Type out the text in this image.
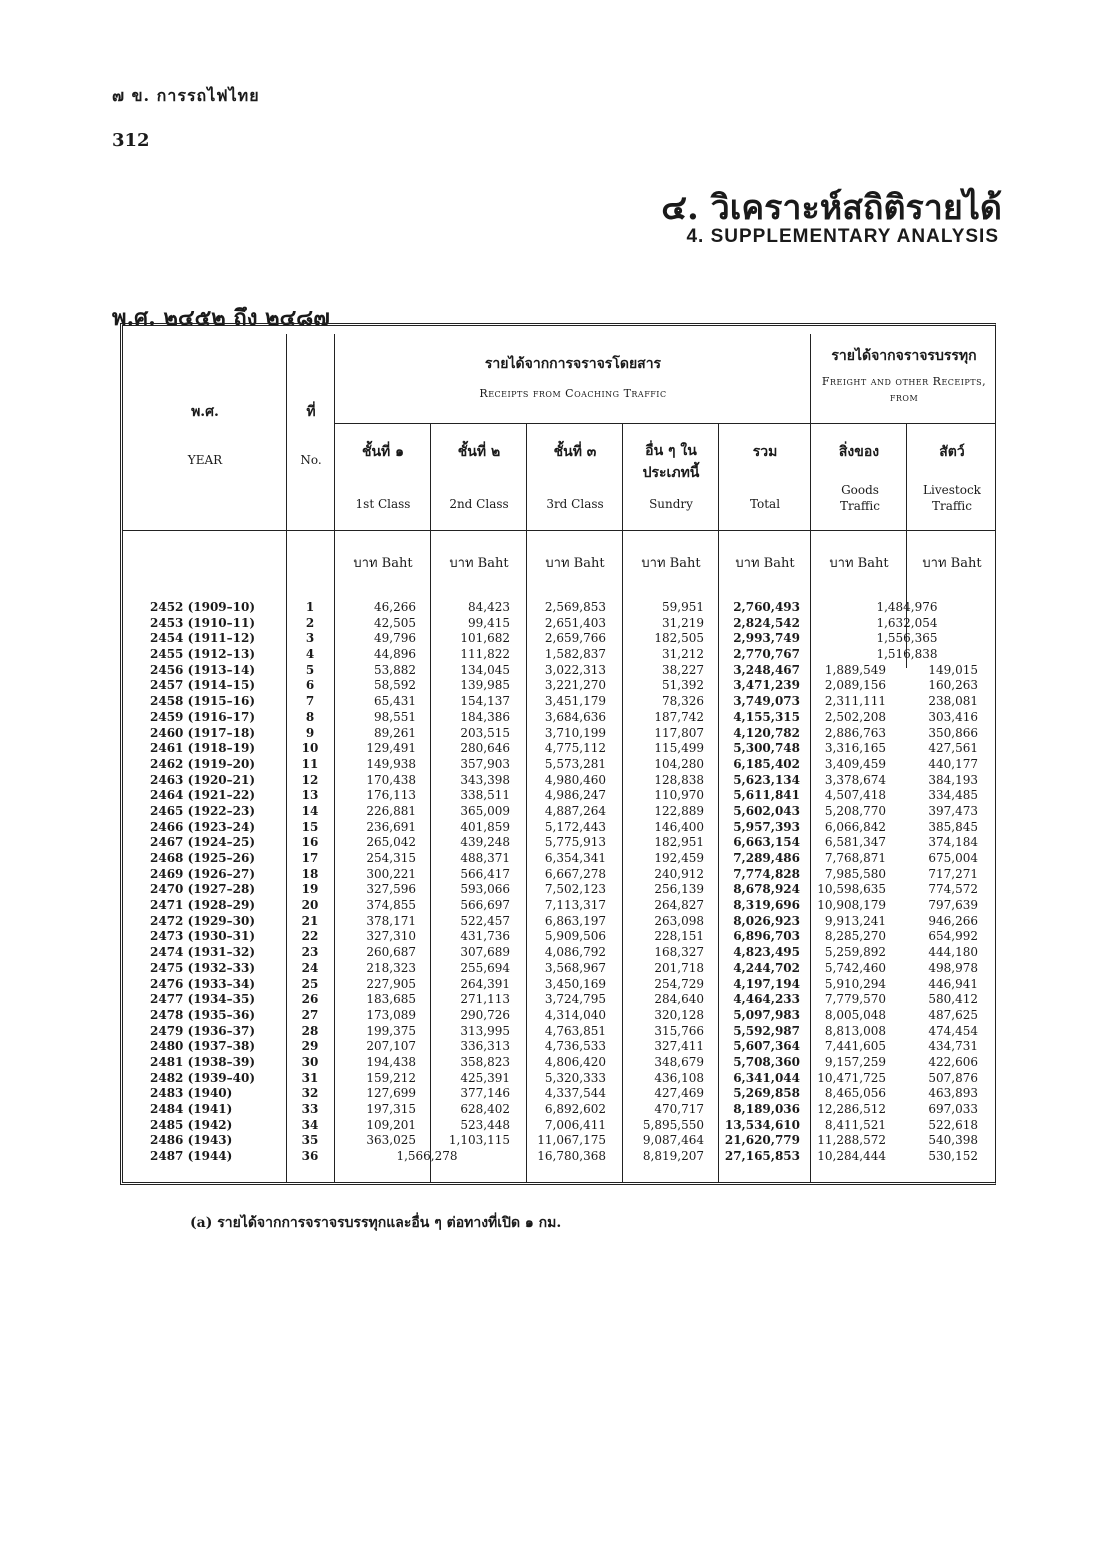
๗ ข. การรถไฟไทย
312
๔. วิเคราะห์สถิติรายได้
4. SUPPLEMENTARY ANALYSIS
พ.ศ. ๒๔๕๒ ถึง ๒๔๘๗
พ.ศ.
YEAR
ที่
No.
รายได้จากการจราจรโดยสาร
Receipts from Coaching Traffic
รายได้จากจราจรบรรทุก
Freight and other Receipts, from
ชั้นที่ ๑
1st Class
ชั้นที่ ๒
2nd Class
ชั้นที่ ๓
3rd Class
อื่น ๆ ในประเภทนี้
Sundry
รวม
Total
สิ่งของ
Goods Traffic
สัตว์
Livestock Traffic
บาท Baht	บาท Baht	บาท Baht	บาท Baht	บาท Baht	บาท Baht	บาท Baht
2452 (1909–10)	1	46,266	84,423	2,569,853	59,951	2,760,493	1,484,976
2453 (1910–11)	2	42,505	99,415	2,651,403	31,219	2,824,542	1,632,054
2454 (1911–12)	3	49,796	101,682	2,659,766	182,505	2,993,749	1,556,365
2455 (1912–13)	4	44,896	111,822	1,582,837	31,212	2,770,767	1,516,838
2456 (1913–14)	5	53,882	134,045	3,022,313	38,227	3,248,467	1,889,549	149,015
2457 (1914–15)	6	58,592	139,985	3,221,270	51,392	3,471,239	2,089,156	160,263
2458 (1915–16)	7	65,431	154,137	3,451,179	78,326	3,749,073	2,311,111	238,081
2459 (1916–17)	8	98,551	184,386	3,684,636	187,742	4,155,315	2,502,208	303,416
2460 (1917–18)	9	89,261	203,515	3,710,199	117,807	4,120,782	2,886,763	350,866
2461 (1918–19)	10	129,491	280,646	4,775,112	115,499	5,300,748	3,316,165	427,561
2462 (1919–20)	11	149,938	357,903	5,573,281	104,280	6,185,402	3,409,459	440,177
2463 (1920–21)	12	170,438	343,398	4,980,460	128,838	5,623,134	3,378,674	384,193
2464 (1921–22)	13	176,113	338,511	4,986,247	110,970	5,611,841	4,507,418	334,485
2465 (1922–23)	14	226,881	365,009	4,887,264	122,889	5,602,043	5,208,770	397,473
2466 (1923–24)	15	236,691	401,859	5,172,443	146,400	5,957,393	6,066,842	385,845
2467 (1924–25)	16	265,042	439,248	5,775,913	182,951	6,663,154	6,581,347	374,184
2468 (1925–26)	17	254,315	488,371	6,354,341	192,459	7,289,486	7,768,871	675,004
2469 (1926–27)	18	300,221	566,417	6,667,278	240,912	7,774,828	7,985,580	717,271
2470 (1927–28)	19	327,596	593,066	7,502,123	256,139	8,678,924	10,598,635	774,572
2471 (1928–29)	20	374,855	566,697	7,113,317	264,827	8,319,696	10,908,179	797,639
2472 (1929–30)	21	378,171	522,457	6,863,197	263,098	8,026,923	9,913,241	946,266
2473 (1930–31)	22	327,310	431,736	5,909,506	228,151	6,896,703	8,285,270	654,992
2474 (1931–32)	23	260,687	307,689	4,086,792	168,327	4,823,495	5,259,892	444,180
2475 (1932–33)	24	218,323	255,694	3,568,967	201,718	4,244,702	5,742,460	498,978
2476 (1933–34)	25	227,905	264,391	3,450,169	254,729	4,197,194	5,910,294	446,941
2477 (1934–35)	26	183,685	271,113	3,724,795	284,640	4,464,233	7,779,570	580,412
2478 (1935–36)	27	173,089	290,726	4,314,040	320,128	5,097,983	8,005,048	487,625
2479 (1936–37)	28	199,375	313,995	4,763,851	315,766	5,592,987	8,813,008	474,454
2480 (1937–38)	29	207,107	336,313	4,736,533	327,411	5,607,364	7,441,605	434,731
2481 (1938–39)	30	194,438	358,823	4,806,420	348,679	5,708,360	9,157,259	422,606
2482 (1939–40)	31	159,212	425,391	5,320,333	436,108	6,341,044	10,471,725	507,876
2483 (1940)	32	127,699	377,146	4,337,544	427,469	5,269,858	8,465,056	463,893
2484 (1941)	33	197,315	628,402	6,892,602	470,717	8,189,036	12,286,512	697,033
2485 (1942)	34	109,201	523,448	7,006,411	5,895,550	13,534,610	8,411,521	522,618
2486 (1943)	35	363,025	1,103,115	11,067,175	9,087,464	21,620,779	11,288,572	540,398
2487 (1944)	36	1,566,278	16,780,368	8,819,207	27,165,853	10,284,444	530,152
(a) รายได้จากการจราจรบรรทุกและอื่น ๆ ต่อทางที่เปิด ๑ กม.
